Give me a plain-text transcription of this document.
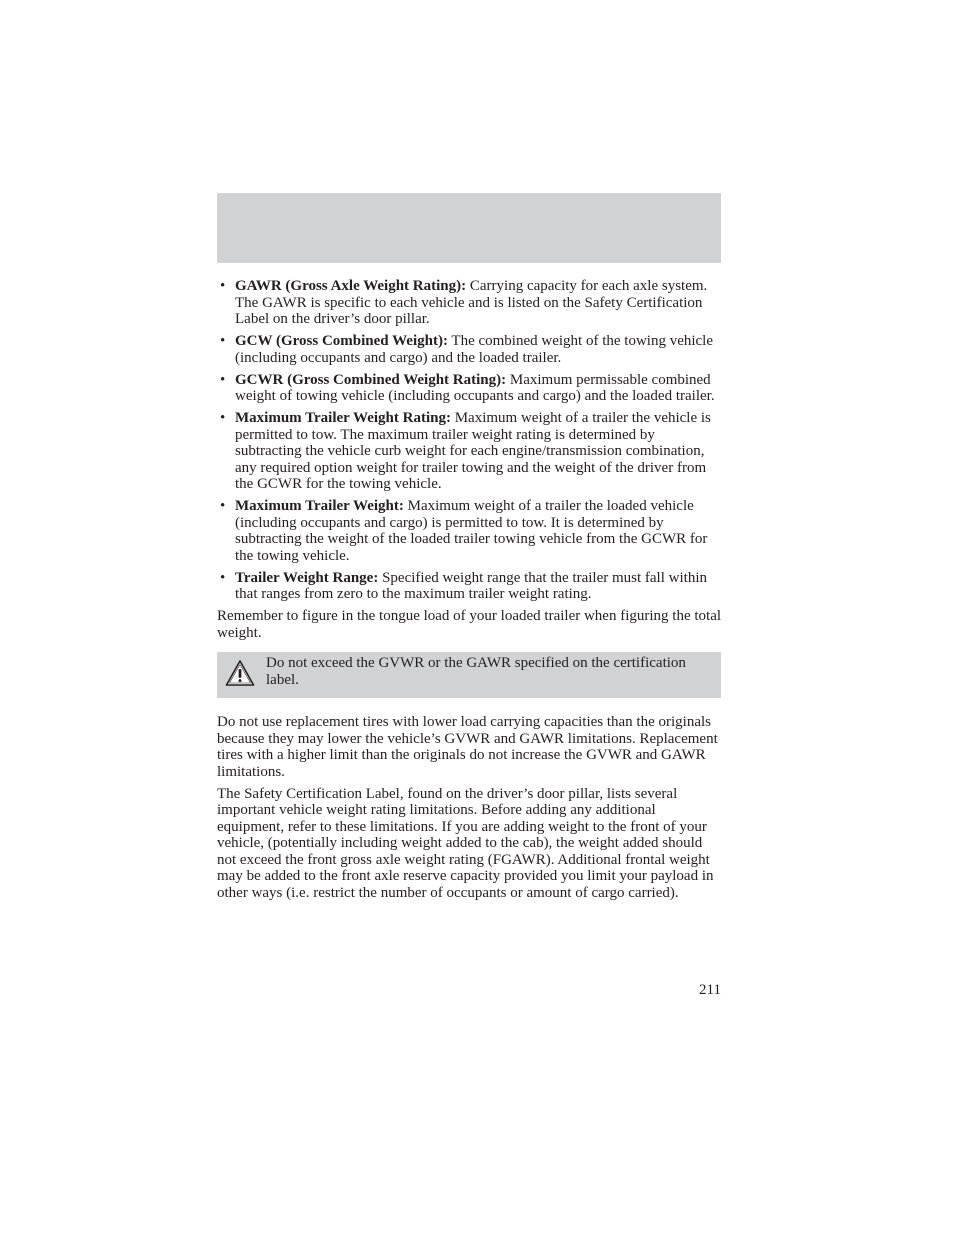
• GAWR (Gross Axle Weight Rating): Carrying capacity for each axle system. The GAWR is specific to each vehicle and is listed on the Safety Certification Label on the driver’s door pillar.
• GCW (Gross Combined Weight): The combined weight of the towing vehicle (including occupants and cargo) and the loaded trailer.
• GCWR (Gross Combined Weight Rating): Maximum permissable combined weight of towing vehicle (including occupants and cargo) and the loaded trailer.
• Maximum Trailer Weight Rating: Maximum weight of a trailer the vehicle is permitted to tow. The maximum trailer weight rating is determined by subtracting the vehicle curb weight for each engine/transmission combination, any required option weight for trailer towing and the weight of the driver from the GCWR for the towing vehicle.
• Maximum Trailer Weight: Maximum weight of a trailer the loaded vehicle (including occupants and cargo) is permitted to tow. It is determined by subtracting the weight of the loaded trailer towing vehicle from the GCWR for the towing vehicle.
• Trailer Weight Range: Specified weight range that the trailer must fall within that ranges from zero to the maximum trailer weight rating.

Remember to figure in the tongue load of your loaded trailer when figuring the total weight.

Do not exceed the GVWR or the GAWR specified on the certification label.

Do not use replacement tires with lower load carrying capacities than the originals because they may lower the vehicle’s GVWR and GAWR limitations. Replacement tires with a higher limit than the originals do not increase the GVWR and GAWR limitations.

The Safety Certification Label, found on the driver’s door pillar, lists several important vehicle weight rating limitations. Before adding any additional equipment, refer to these limitations. If you are adding weight to the front of your vehicle, (potentially including weight added to the cab), the weight added should not exceed the front gross axle weight rating (FGAWR). Additional frontal weight may be added to the front axle reserve capacity provided you limit your payload in other ways (i.e. restrict the number of occupants or amount of cargo carried).

211
